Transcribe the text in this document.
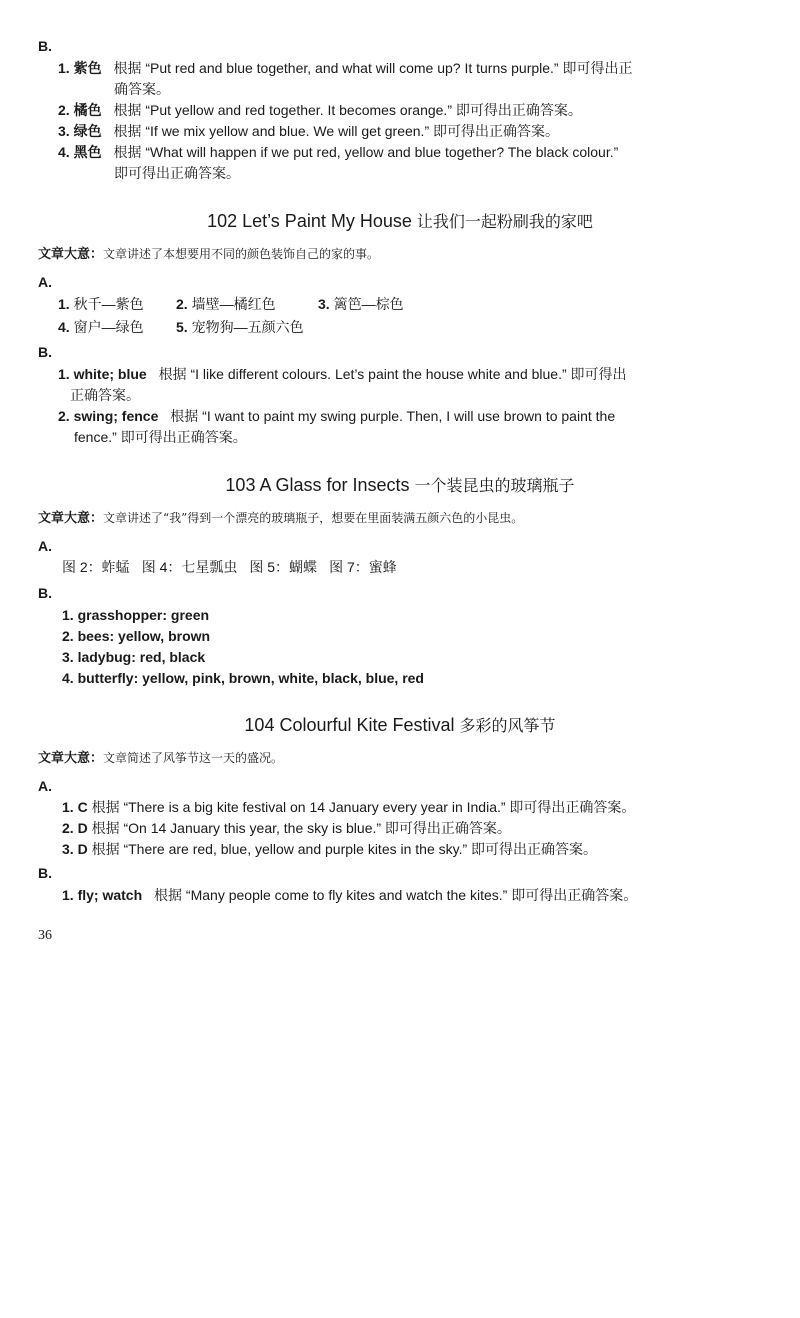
B.
1. 紫色 根据 “Put red and blue together, and what will come up? It turns purple.” 即可得出正
确答案。
2. 橘色 根据 “Put yellow and red together. It becomes orange.” 即可得出正确答案。
3. 绿色 根据 “If we mix yellow and blue. We will get green.” 即可得出正确答案。
4. 黑色 根据 “What will happen if we put red, yellow and blue together? The black colour.”
即可得出正确答案。
102 Let’s Paint My House 让我们一起粉刷我的家吧
文章大意：文章讲述了本想要用不同的颜色装饰自己的家的事。
A.
1. 秋千—紫色 2. 墙壁—橘红色	3. 篱笆—棕色
4. 窗户—绿色 5. 宠物狗—五颜六色
B.
1. white; blue 根据 “I like different colours. Let’s paint the house white and blue.” 即可得出
正确答案。
2. swing; fence 根据 “I want to paint my swing purple. Then, I will use brown to paint the
fence.” 即可得出正确答案。
103 A Glass for Insects 一个装昆虫的玻璃瓶子
文章大意：文章讲述了“我”得到一个漂亮的玻璃瓶子，想要在里面装满五颜六色的小昆虫。
A.
图 2：蚱蜢 图 4：七星瓢虫 图 5：蝴蝶 图 7：蜜蜂
B.
1. grasshopper: green
2. bees: yellow, brown
3. ladybug: red, black
4. butterfly: yellow, pink, brown, white, black, blue, red
104 Colourful Kite Festival 多彩的风筝节
文章大意：文章简述了风筝节这一天的盛况。
A.
1. C 根据 “There is a big kite festival on 14 January every year in India.” 即可得出正确答案。
2. D 根据 “On 14 January this year, the sky is blue.” 即可得出正确答案。
3. D 根据 “There are red, blue, yellow and purple kites in the sky.” 即可得出正确答案。
B.
1. fly; watch 根据 “Many people come to fly kites and watch the kites.” 即可得出正确答案。
36
